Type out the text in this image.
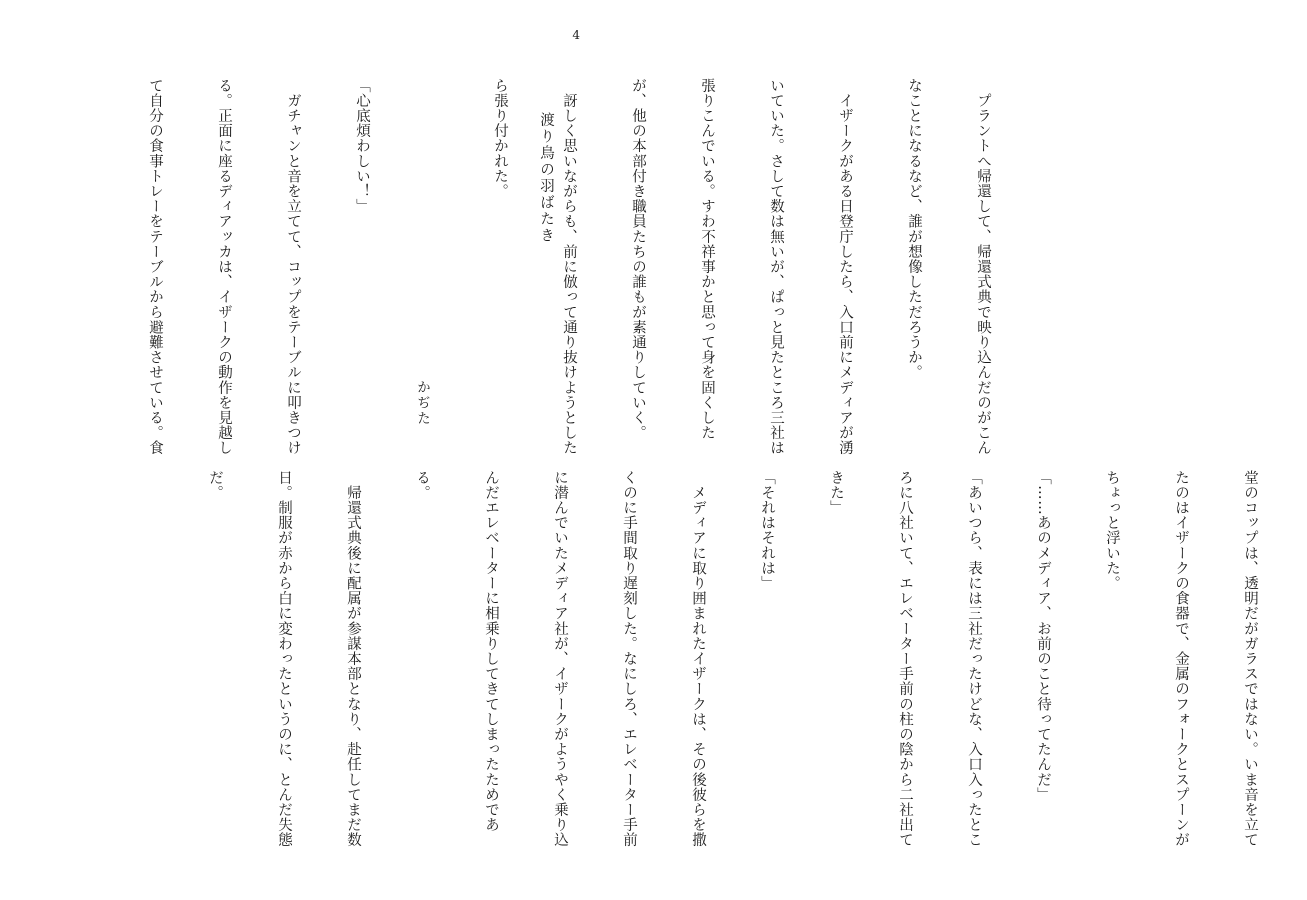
4
渡り鳥の羽ばたき
かぢた

	　プラントへ帰還して、帰還式典で映り込んだのがこん

なことになるなど、誰が想像しただろうか。

　イザークがある日登庁したら、入口前にメディアが湧

いていた。さして数は無いが、ぱっと見たところ三社は

張りこんでいる。すわ不祥事かと思って身を固くした

が、他の本部付き職員たちの誰もが素通りしていく。

　訝しく思いながらも、前に倣って通り抜けようとした

ら張り付かれた。

「心底煩わしい！」

　ガチャンと音を立てて、コップをテーブルに叩きつけ

る。正面に座るディアッカは、イザークの動作を見越し

て自分の食事トレーをテーブルから避難させている。食

堂のコップは、透明だがガラスではない。いま音を立て

たのはイザークの食器で、金属のフォークとスプーンが

ちょっと浮いた。

「……あのメディア、お前のこと待ってたんだ」

「あいつら、表には三社だったけどな、入口入ったとこ

ろに八社いて、エレベーター手前の柱の陰から二社出て

きた」

「それはそれは」

　メディアに取り囲まれたイザークは、その後彼らを撒

くのに手間取り遅刻した。なにしろ、エレベーター手前

に潜んでいたメディア社が、イザークがようやく乗り込

んだエレベーターに相乗りしてきてしまったためであ

る。

　帰還式典後に配属が参謀本部となり、赴任してまだ数

日。制服が赤から白に変わったというのに、とんだ失態

だ。
